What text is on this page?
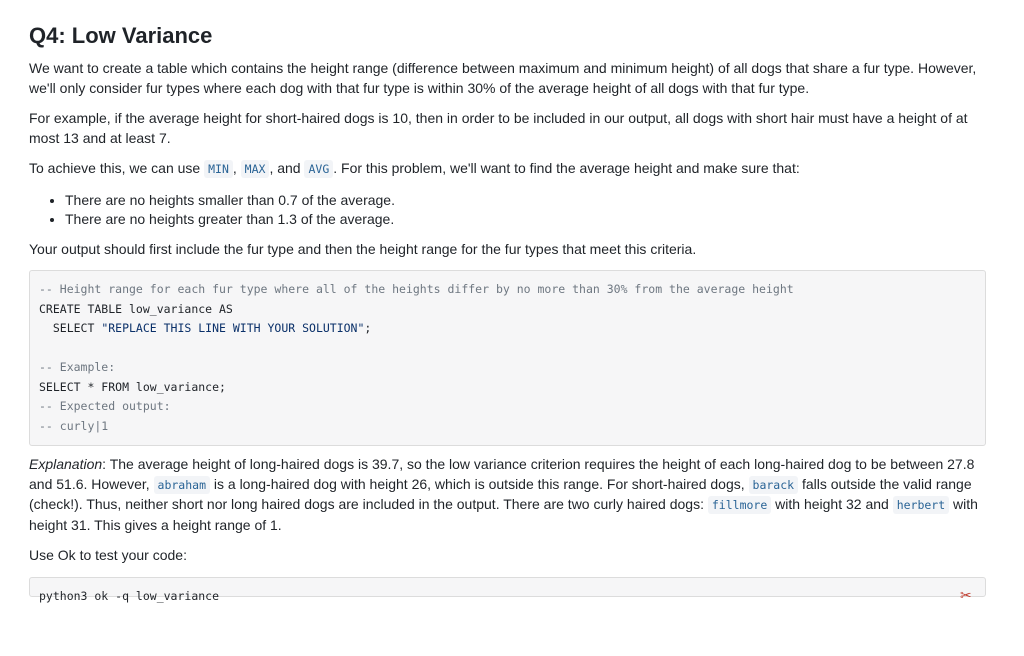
Q4: Low Variance

We want to create a table which contains the height range (difference between maximum and minimum height) of all dogs that share a fur type. However, we'll only consider fur types where each dog with that fur type is within 30% of the average height of all dogs with that fur type.

For example, if the average height for short-haired dogs is 10, then in order to be included in our output, all dogs with short hair must have a height of at most 13 and at least 7.

To achieve this, we can use MIN , MAX , and AVG . For this problem, we'll want to find the average height and make sure that:

• There are no heights smaller than 0.7 of the average.
• There are no heights greater than 1.3 of the average.

Your output should first include the fur type and then the height range for the fur types that meet this criteria.

-- Height range for each fur type where all of the heights differ by no more than 30% from the average height
CREATE TABLE low_variance AS
SELECT "REPLACE THIS LINE WITH YOUR SOLUTION";

-- Example:
SELECT * FROM low_variance;
-- Expected output:
-- curly|1

Explanation: The average height of long-haired dogs is 39.7, so the low variance criterion requires the height of each long-haired dog to be between 27.8 and 51.6. However, abraham is a long-haired dog with height 26, which is outside this range. For short-haired dogs, barack falls outside the valid range (check!). Thus, neither short nor long haired dogs are included in the output. There are two curly haired dogs: fillmore with height 32 and herbert with height 31. This gives a height range of 1.

Use Ok to test your code:

python3 ok -q low_variance	✂
